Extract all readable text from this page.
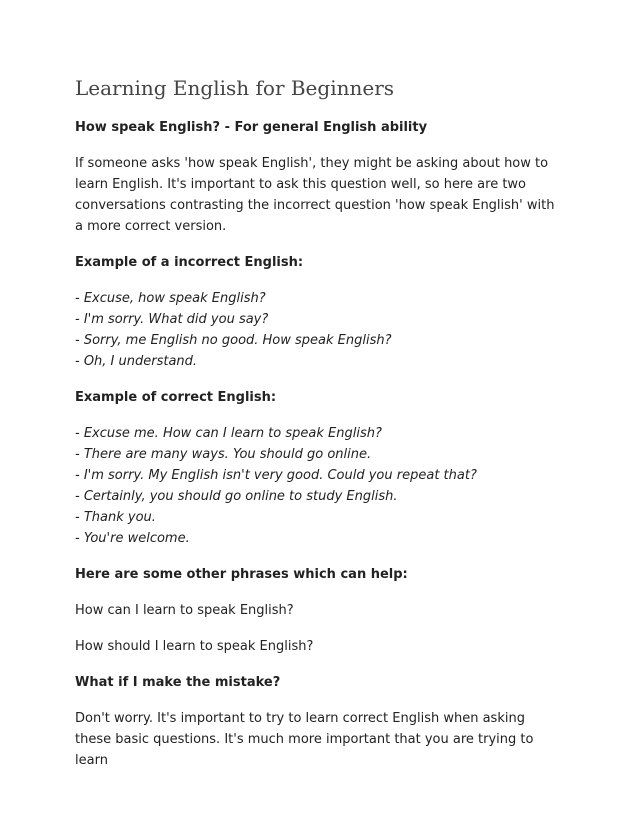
Learning English for Beginners

How speak English? - For general English ability

If someone asks 'how speak English', they might be asking about how to learn English. It's important to ask this question well, so here are two conversations contrasting the incorrect question 'how speak English' with a more correct version.

Example of a incorrect English:

- Excuse, how speak English?
- I'm sorry. What did you say?
- Sorry, me English no good. How speak English?
- Oh, I understand.

Example of correct English:

- Excuse me. How can I learn to speak English?
- There are many ways. You should go online.
- I'm sorry. My English isn't very good. Could you repeat that?
- Certainly, you should go online to study English.
- Thank you.
- You're welcome.

Here are some other phrases which can help:

How can I learn to speak English?

How should I learn to speak English?

What if I make the mistake?

Don't worry. It's important to try to learn correct English when asking these basic questions. It's much more important that you are trying to learn
